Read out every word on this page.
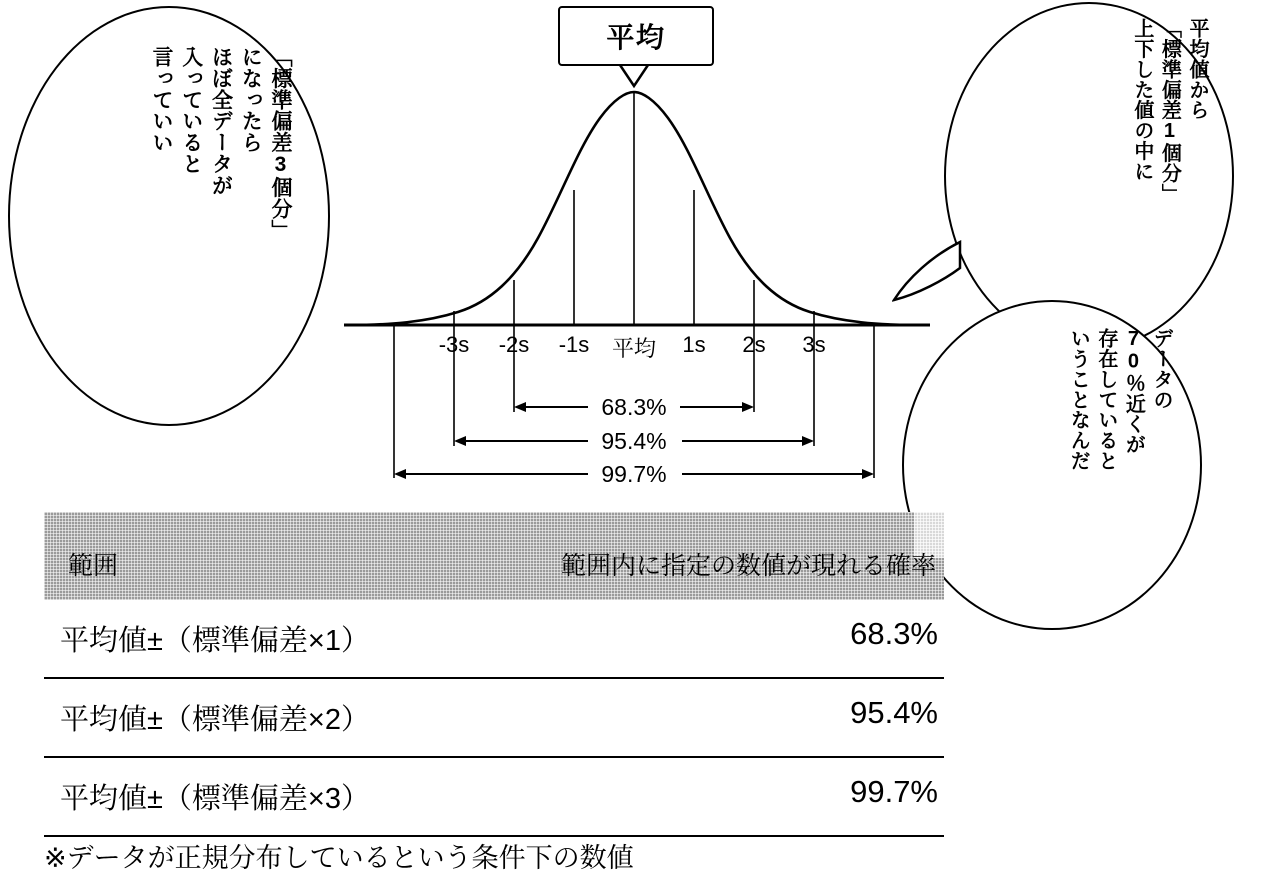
「標準偏差3個分」
になったら
ほぼ全データが
入っていると
言っていい	平均値から
「標準偏差1個分」
上下した値の中に
データの
70％近くが
存在していると
いうことなんだ
平均
-3s -2s -1s	平均	1s	2s	3s
68.3%
95.4%
99.7%
範囲	範囲内に指定の数値が現れる確率
平均値±（標準偏差×1）	68.3%
平均値±（標準偏差×2）	95.4%
平均値±（標準偏差×3）	99.7%
※データが正規分布しているという条件下の数値
